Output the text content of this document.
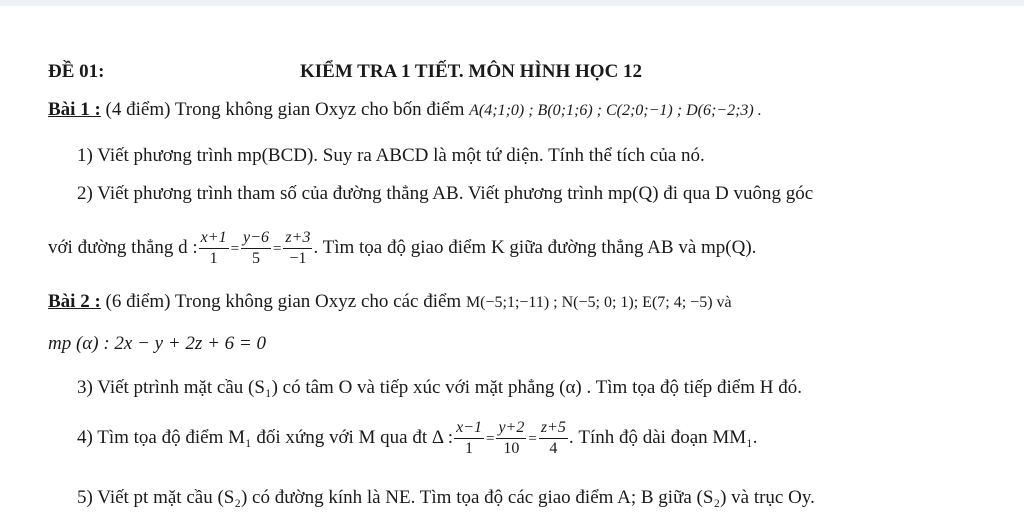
ĐỀ 01:	KIỂM TRA 1 TIẾT. MÔN HÌNH HỌC 12
Bài 1 : (4 điểm) Trong không gian Oxyz cho bốn điểm A(4;1;0) ; B(0;1;6) ; C(2;0;−1) ; D(6;−2;3) .
1) Viết phương trình mp(BCD). Suy ra ABCD là một tứ diện. Tính thể tích của nó.
2) Viết phương trình tham số của đường thẳng AB. Viết phương trình mp(Q) đi qua D vuông góc
với đường thẳng d : $\frac{x+1}{1} = \frac{y-6}{5} = \frac{z+3}{-1}$ . Tìm tọa độ giao điểm K giữa đường thẳng AB và mp(Q).
Bài 2 : (6 điểm) Trong không gian Oxyz cho các điểm M(−5;1;−11) ; N(−5; 0; 1); E(7; 4; −5) và
mp (α) : 2x − y + 2z + 6 = 0
3) Viết ptrình mặt cầu (S₁) có tâm O và tiếp xúc với mặt phẳng (α) . Tìm tọa độ tiếp điểm H đó.
4) Tìm tọa độ điểm M₁ đối xứng với M qua đt Δ : $\frac{x-1}{1} = \frac{y+2}{10} = \frac{z+5}{4}$ . Tính độ dài đoạn MM₁.
5) Viết pt mặt cầu (S₂) có đường kính là NE. Tìm tọa độ các giao điểm A; B giữa (S₂) và trục Oy.
